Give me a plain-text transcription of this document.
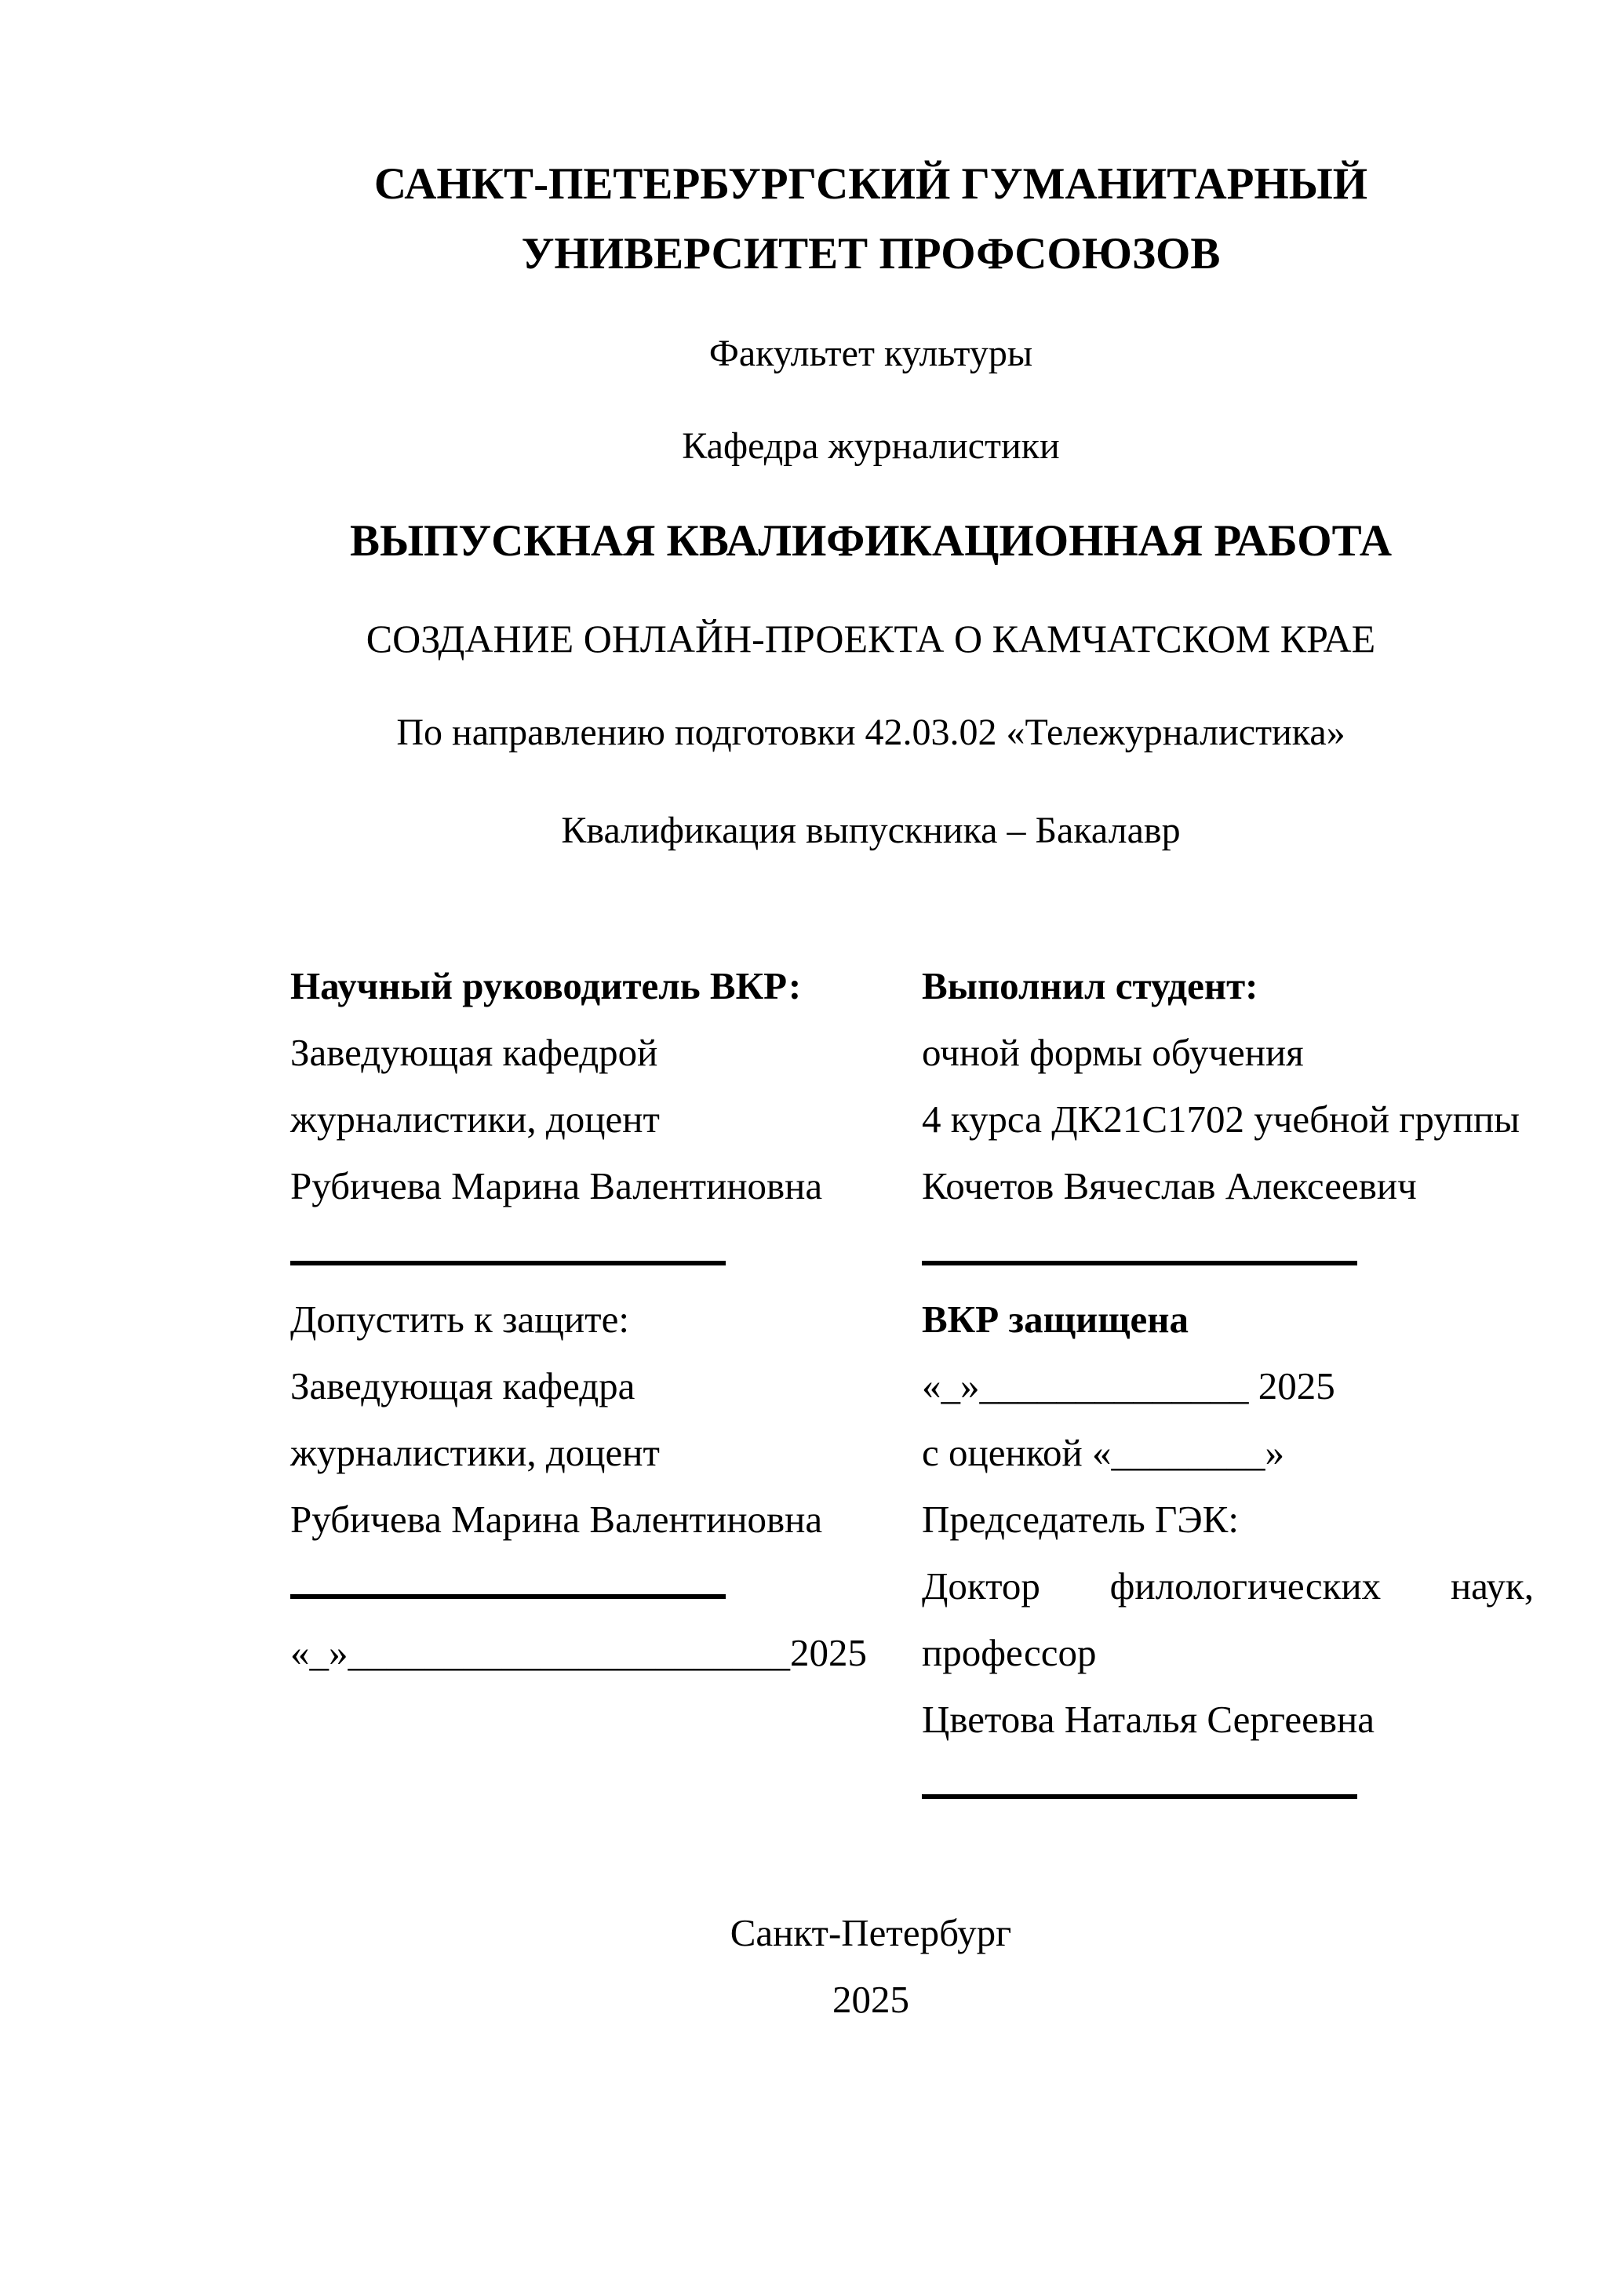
САНКТ-ПЕТЕРБУРГСКИЙ ГУМАНИТАРНЫЙ
УНИВЕРСИТЕТ ПРОФСОЮЗОВ
Факультет культуры
Кафедра журналистики
ВЫПУСКНАЯ КВАЛИФИКАЦИОННАЯ РАБОТА
СОЗДАНИЕ ОНЛАЙН-ПРОЕКТА О КАМЧАТСКОМ КРАЕ
По направлению подготовки 42.03.02 «Тележурналистика»
Квалификация выпускника – Бакалавр
Научный руководитель ВКР:
Заведующая кафедрой
журналистики, доцент
Рубичева Марина Валентиновна
Допустить к защите:
Заведующая кафедра
журналистики, доцент
Рубичева Марина Валентиновна
«_»_______________________2025
Выполнил студент:
очной формы обучения
4 курса ДК21С1702 учебной группы
Кочетов Вячеслав Алексеевич
ВКР защищена
«_»______________ 2025
с оценкой «________»
Председатель ГЭК:
Доктор филологических наук,
профессор
Цветова Наталья Сергеевна
Санкт-Петербург
2025
